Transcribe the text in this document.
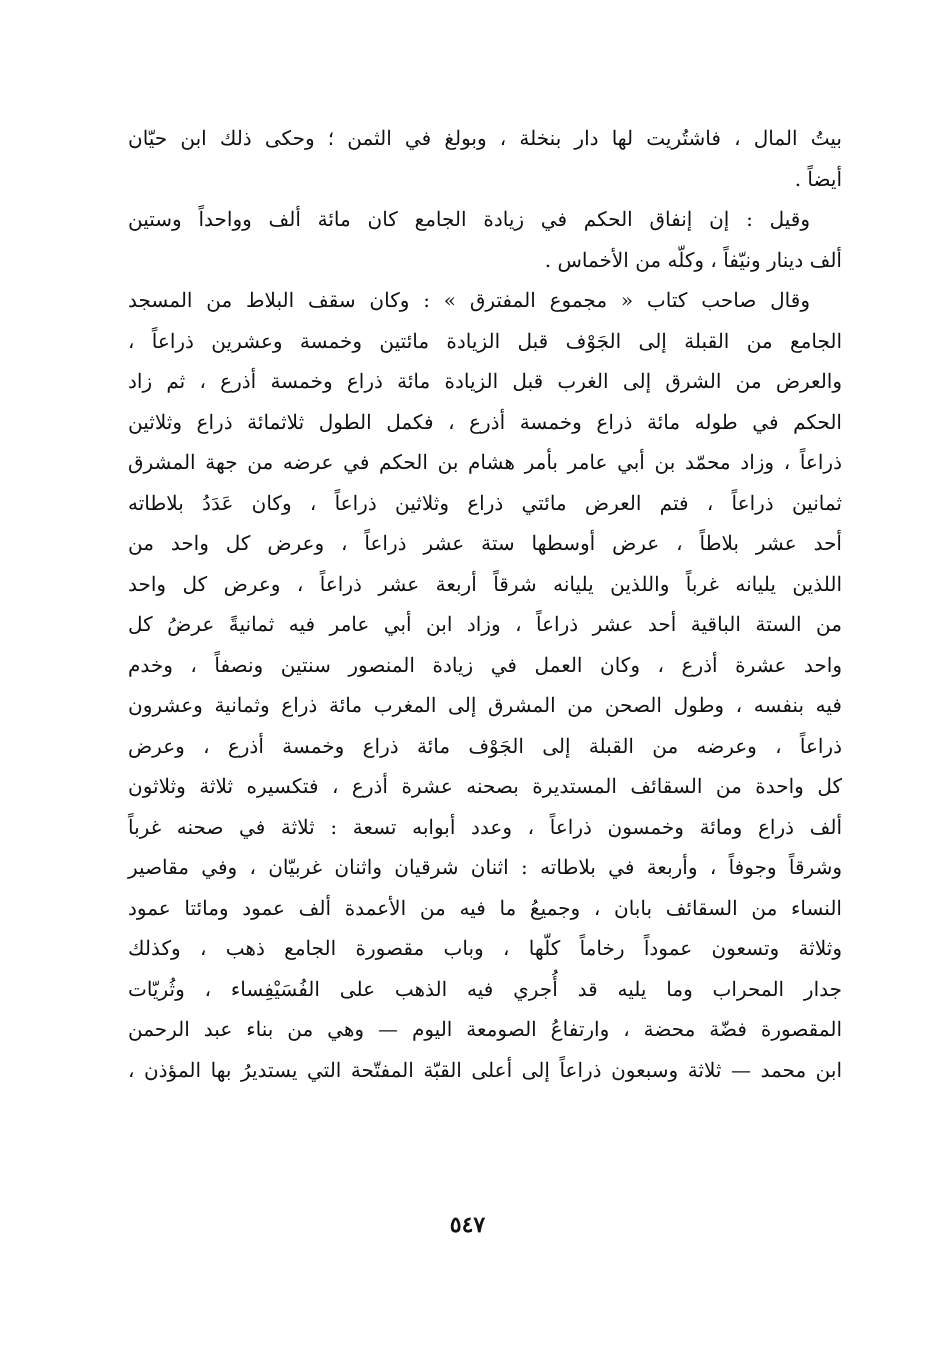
بيتُ المال ، فاشتُريت لها دار بنخلة ، وبولغ في الثمن ؛ وحكى ذلك ابن حيّان
أيضاً .
وقيل : إن إنفاق الحكم في زيادة الجامع كان مائة ألف وواحداً وستين
ألف دينار ونيّفاً ، وكلّه من الأخماس .
وقال صاحب كتاب « مجموع المفترق » : وكان سقف البلاط من المسجد
الجامع من القبلة إلى الجَوْف قبل الزيادة مائتين وخمسة وعشرين ذراعاً ،
والعرض من الشرق إلى الغرب قبل الزيادة مائة ذراع وخمسة أذرع ، ثم زاد
الحكم في طوله مائة ذراع وخمسة أذرع ، فكمل الطول ثلاثمائة ذراع وثلاثين
ذراعاً ، وزاد محمّد بن أبي عامر بأمر هشام بن الحكم في عرضه من جهة المشرق
ثمانين ذراعاً ، فتم العرض مائتي ذراع وثلاثين ذراعاً ، وكان عَدَدُ بلاطاته
أحد عشر بلاطاً ، عرض أوسطها ستة عشر ذراعاً ، وعرض كل واحد من
اللذين يليانه غرباً واللذين يليانه شرقاً أربعة عشر ذراعاً ، وعرض كل واحد
من الستة الباقية أحد عشر ذراعاً ، وزاد ابن أبي عامر فيه ثمانيةً عرضُ كل
واحد عشرة أذرع ، وكان العمل في زيادة المنصور سنتين ونصفاً ، وخدم
فيه بنفسه ، وطول الصحن من المشرق إلى المغرب مائة ذراع وثمانية وعشرون
ذراعاً ، وعرضه من القبلة إلى الجَوْف مائة ذراع وخمسة أذرع ، وعرض
كل واحدة من السقائف المستديرة بصحنه عشرة أذرع ، فتكسيره ثلاثة وثلاثون
ألف ذراع ومائة وخمسون ذراعاً ، وعدد أبوابه تسعة : ثلاثة في صحنه غرباً
وشرقاً وجوفاً ، وأربعة في بلاطاته : اثنان شرقيان واثنان غربيّان ، وفي مقاصير
النساء من السقائف بابان ، وجميعُ ما فيه من الأعمدة ألف عمود ومائتا عمود
وثلاثة وتسعون عموداً رخاماً كلّها ، وباب مقصورة الجامع ذهب ، وكذلك
جدار المحراب وما يليه قد أُجري فيه الذهب على الفُسَيْفِساء ، وثُريّات
المقصورة فضّة محضة ، وارتفاعُ الصومعة اليوم — وهي من بناء عبد الرحمن
ابن محمد — ثلاثة وسبعون ذراعاً إلى أعلى القبّة المفتّحة التي يستديرُ بها المؤذن ،
٥٤٧
